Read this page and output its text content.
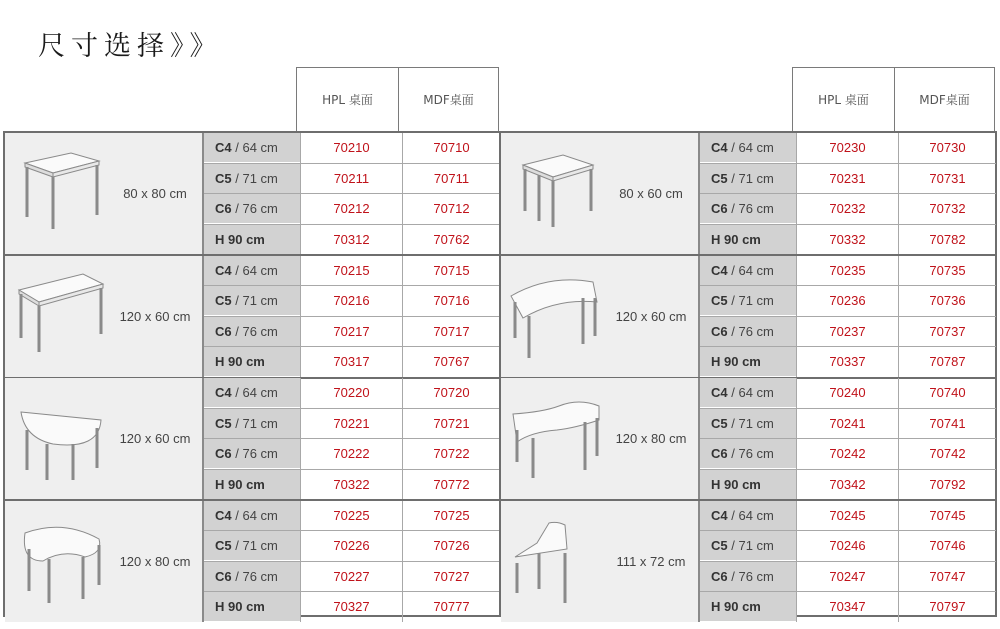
尺寸选择》》
HPL 桌面	MDF桌面	HPL 桌面	MDF桌面
80 x 80 cm
C4 / 64 cm	70210	70710
C5 / 71 cm	70211	70711
C6 / 76 cm	70212	70712
H 90 cm	70312	70762
120 x 60 cm
C4 / 64 cm	70215	70715
C5 / 71 cm	70216	70716
C6 / 76 cm	70217	70717
H 90 cm	70317	70767
120 x 60 cm
C4 / 64 cm	70220	70720
C5 / 71 cm	70221	70721
C6 / 76 cm	70222	70722
H 90 cm	70322	70772
120 x 80 cm
C4 / 64 cm	70225	70725
C5 / 71 cm	70226	70726
C6 / 76 cm	70227	70727
H 90 cm	70327	70777
80 x 60 cm
C4 / 64 cm	70230	70730
C5 / 71 cm	70231	70731
C6 / 76 cm	70232	70732
H 90 cm	70332	70782
120 x 60 cm
C4 / 64 cm	70235	70735
C5 / 71 cm	70236	70736
C6 / 76 cm	70237	70737
H 90 cm	70337	70787
120 x 80 cm
C4 / 64 cm	70240	70740
C5 / 71 cm	70241	70741
C6 / 76 cm	70242	70742
H 90 cm	70342	70792
111 x 72 cm
C4 / 64 cm	70245	70745
C5 / 71 cm	70246	70746
C6 / 76 cm	70247	70747
H 90 cm	70347	70797
